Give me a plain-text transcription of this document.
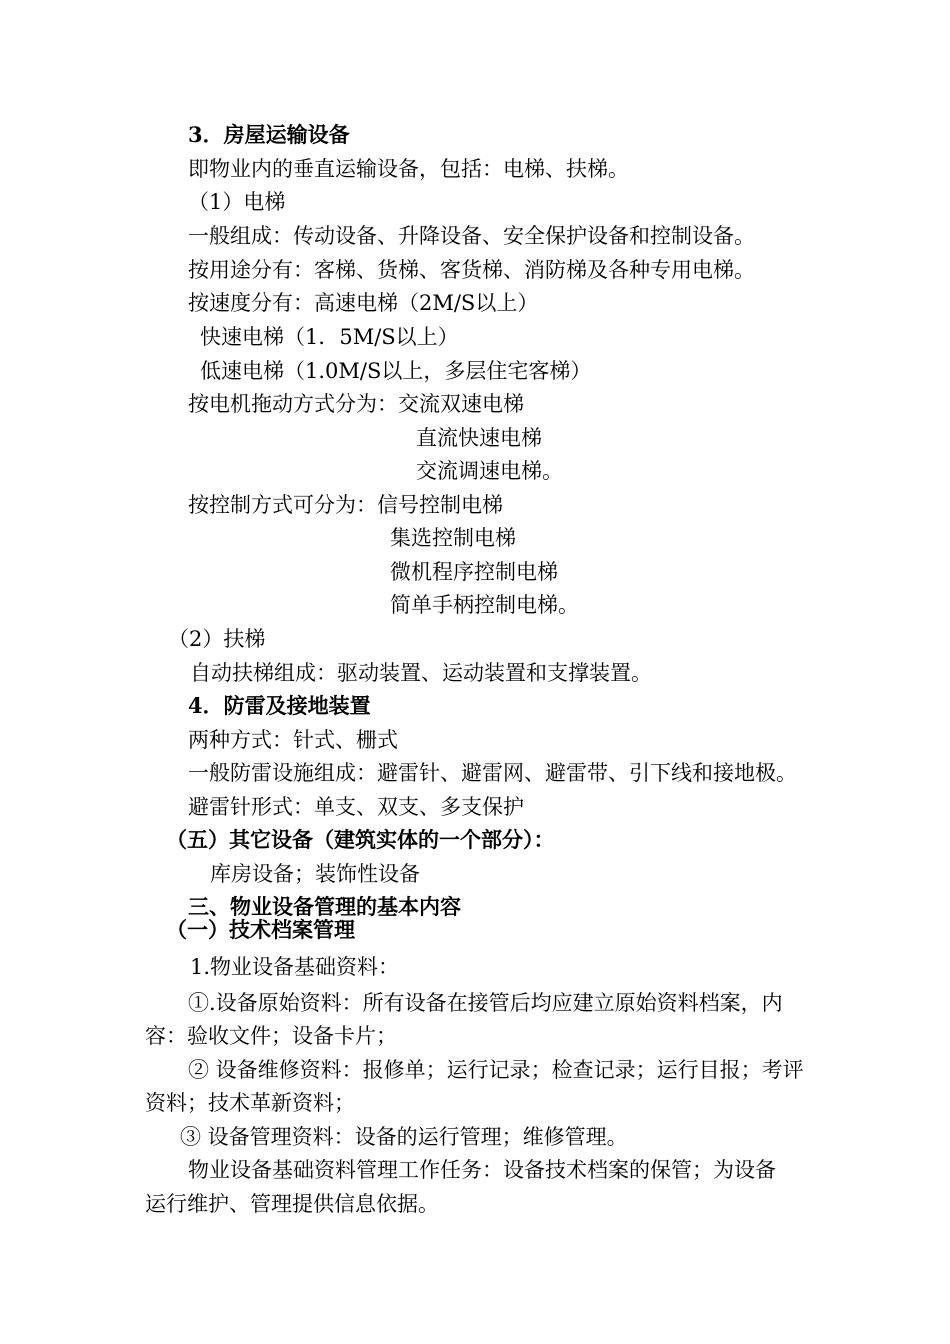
3．房屋运输设备

即物业内的垂直运输设备，包括：电梯、扶梯。

（1）电梯

一般组成：传动设备、升降设备、安全保护设备和控制设备。

按用途分有：客梯、货梯、客货梯、消防梯及各种专用电梯。

按速度分有：高速电梯（2M/S以上）

快速电梯（1．5M/S以上）

低速电梯（1.0M/S以上，多层住宅客梯）

按电机拖动方式分为：交流双速电梯

直流快速电梯

交流调速电梯。

按控制方式可分为：信号控制电梯

集选控制电梯

微机程序控制电梯

简单手柄控制电梯。

（2）扶梯

自动扶梯组成：驱动装置、运动装置和支撑装置。

4．防雷及接地装置

两种方式：针式、栅式

一般防雷设施组成：避雷针、避雷网、避雷带、引下线和接地极。

避雷针形式：单支、双支、多支保护

（五）其它设备（建筑实体的一个部分）：

库房设备；装饰性设备

三、物业设备管理的基本内容

（一）技术档案管理

1.物业设备基础资料：

①.设备原始资料：所有设备在接管后均应建立原始资料档案，内

容：验收文件；设备卡片；

② 设备维修资料：报修单；运行记录；检查记录；运行目报；考评

资料；技术革新资料；

③ 设备管理资料：设备的运行管理；维修管理。

物业设备基础资料管理工作任务：设备技术档案的保管；为设备

运行维护、管理提供信息依据。
